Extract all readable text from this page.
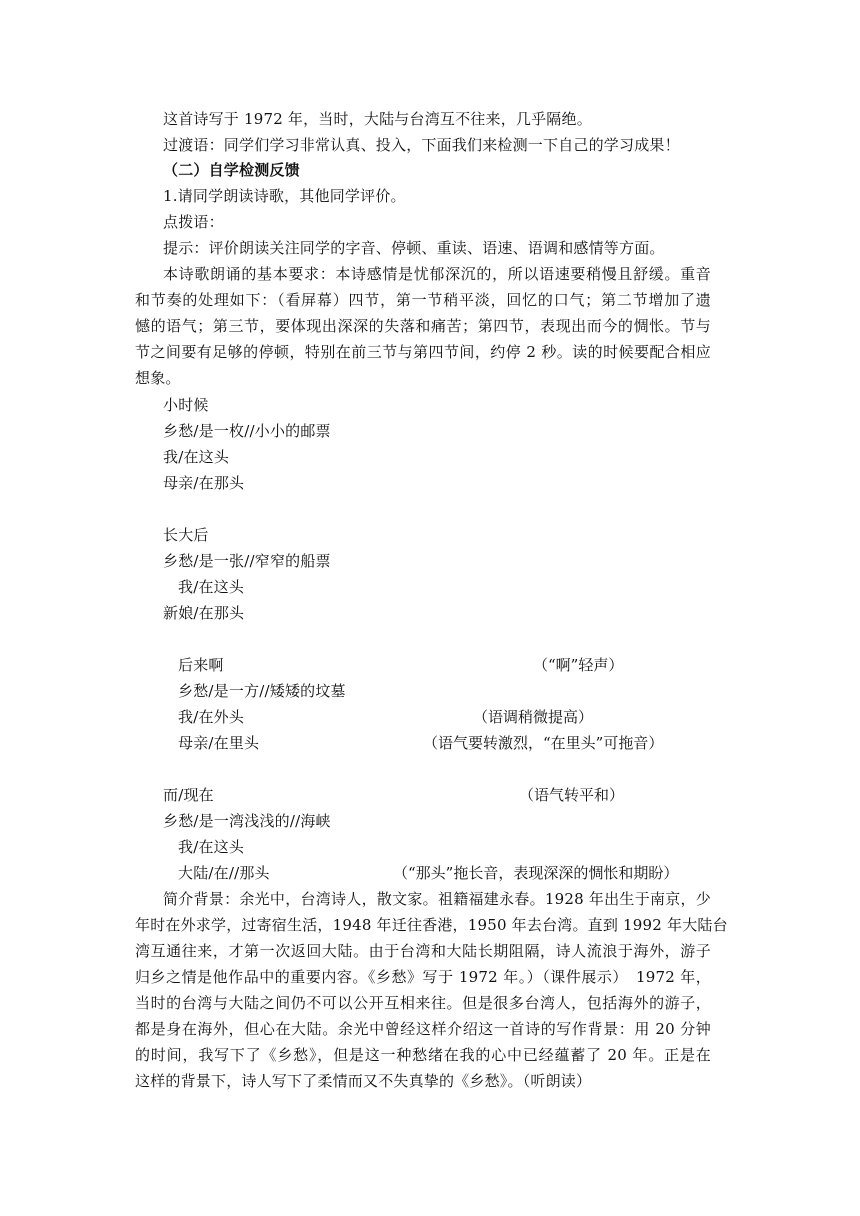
这首诗写于 1972 年，当时，大陆与台湾互不往来，几乎隔绝。
过渡语：同学们学习非常认真、投入，下面我们来检测一下自己的学习成果！
（二）自学检测反馈
1.请同学朗读诗歌，其他同学评价。
点拨语：
提示：评价朗读关注同学的字音、停顿、重读、语速、语调和感情等方面。
本诗歌朗诵的基本要求：本诗感情是忧郁深沉的，所以语速要稍慢且舒缓。重音
和节奏的处理如下：（看屏幕）四节，第一节稍平淡，回忆的口气；第二节增加了遗
憾的语气；第三节，要体现出深深的失落和痛苦；第四节，表现出而今的惆怅。节与
节之间要有足够的停顿，特别在前三节与第四节间，约停 2 秒。读的时候要配合相应
想象。
小时候
乡愁/是一枚//小小的邮票
我/在这头
母亲/在那头
长大后
乡愁/是一张//窄窄的船票
我/在这头
新娘/在那头
后来啊	（“啊”轻声）
乡愁/是一方//矮矮的坟墓
我/在外头	（语调稍微提高）
母亲/在里头	（语气要转激烈，“在里头”可拖音）
而/现在	（语气转平和）
乡愁/是一湾浅浅的//海峡
我/在这头
大陆/在//那头	（“那头”拖长音，表现深深的惆怅和期盼）
简介背景：余光中，台湾诗人，散文家。祖籍福建永春。1928 年出生于南京，少
年时在外求学，过寄宿生活，1948 年迁往香港，1950 年去台湾。直到 1992 年大陆台
湾互通往来，才第一次返回大陆。由于台湾和大陆长期阻隔，诗人流浪于海外，游子
归乡之情是他作品中的重要内容。《乡愁》写于 1972 年。）（课件展示）　1972 年，
当时的台湾与大陆之间仍不可以公开互相来往。但是很多台湾人，包括海外的游子，
都是身在海外，但心在大陆。余光中曾经这样介绍这一首诗的写作背景：用 20 分钟
的时间，我写下了《乡愁》，但是这一种愁绪在我的心中已经蕴蓄了 20 年。正是在
这样的背景下，诗人写下了柔情而又不失真挚的《乡愁》。（听朗读）
